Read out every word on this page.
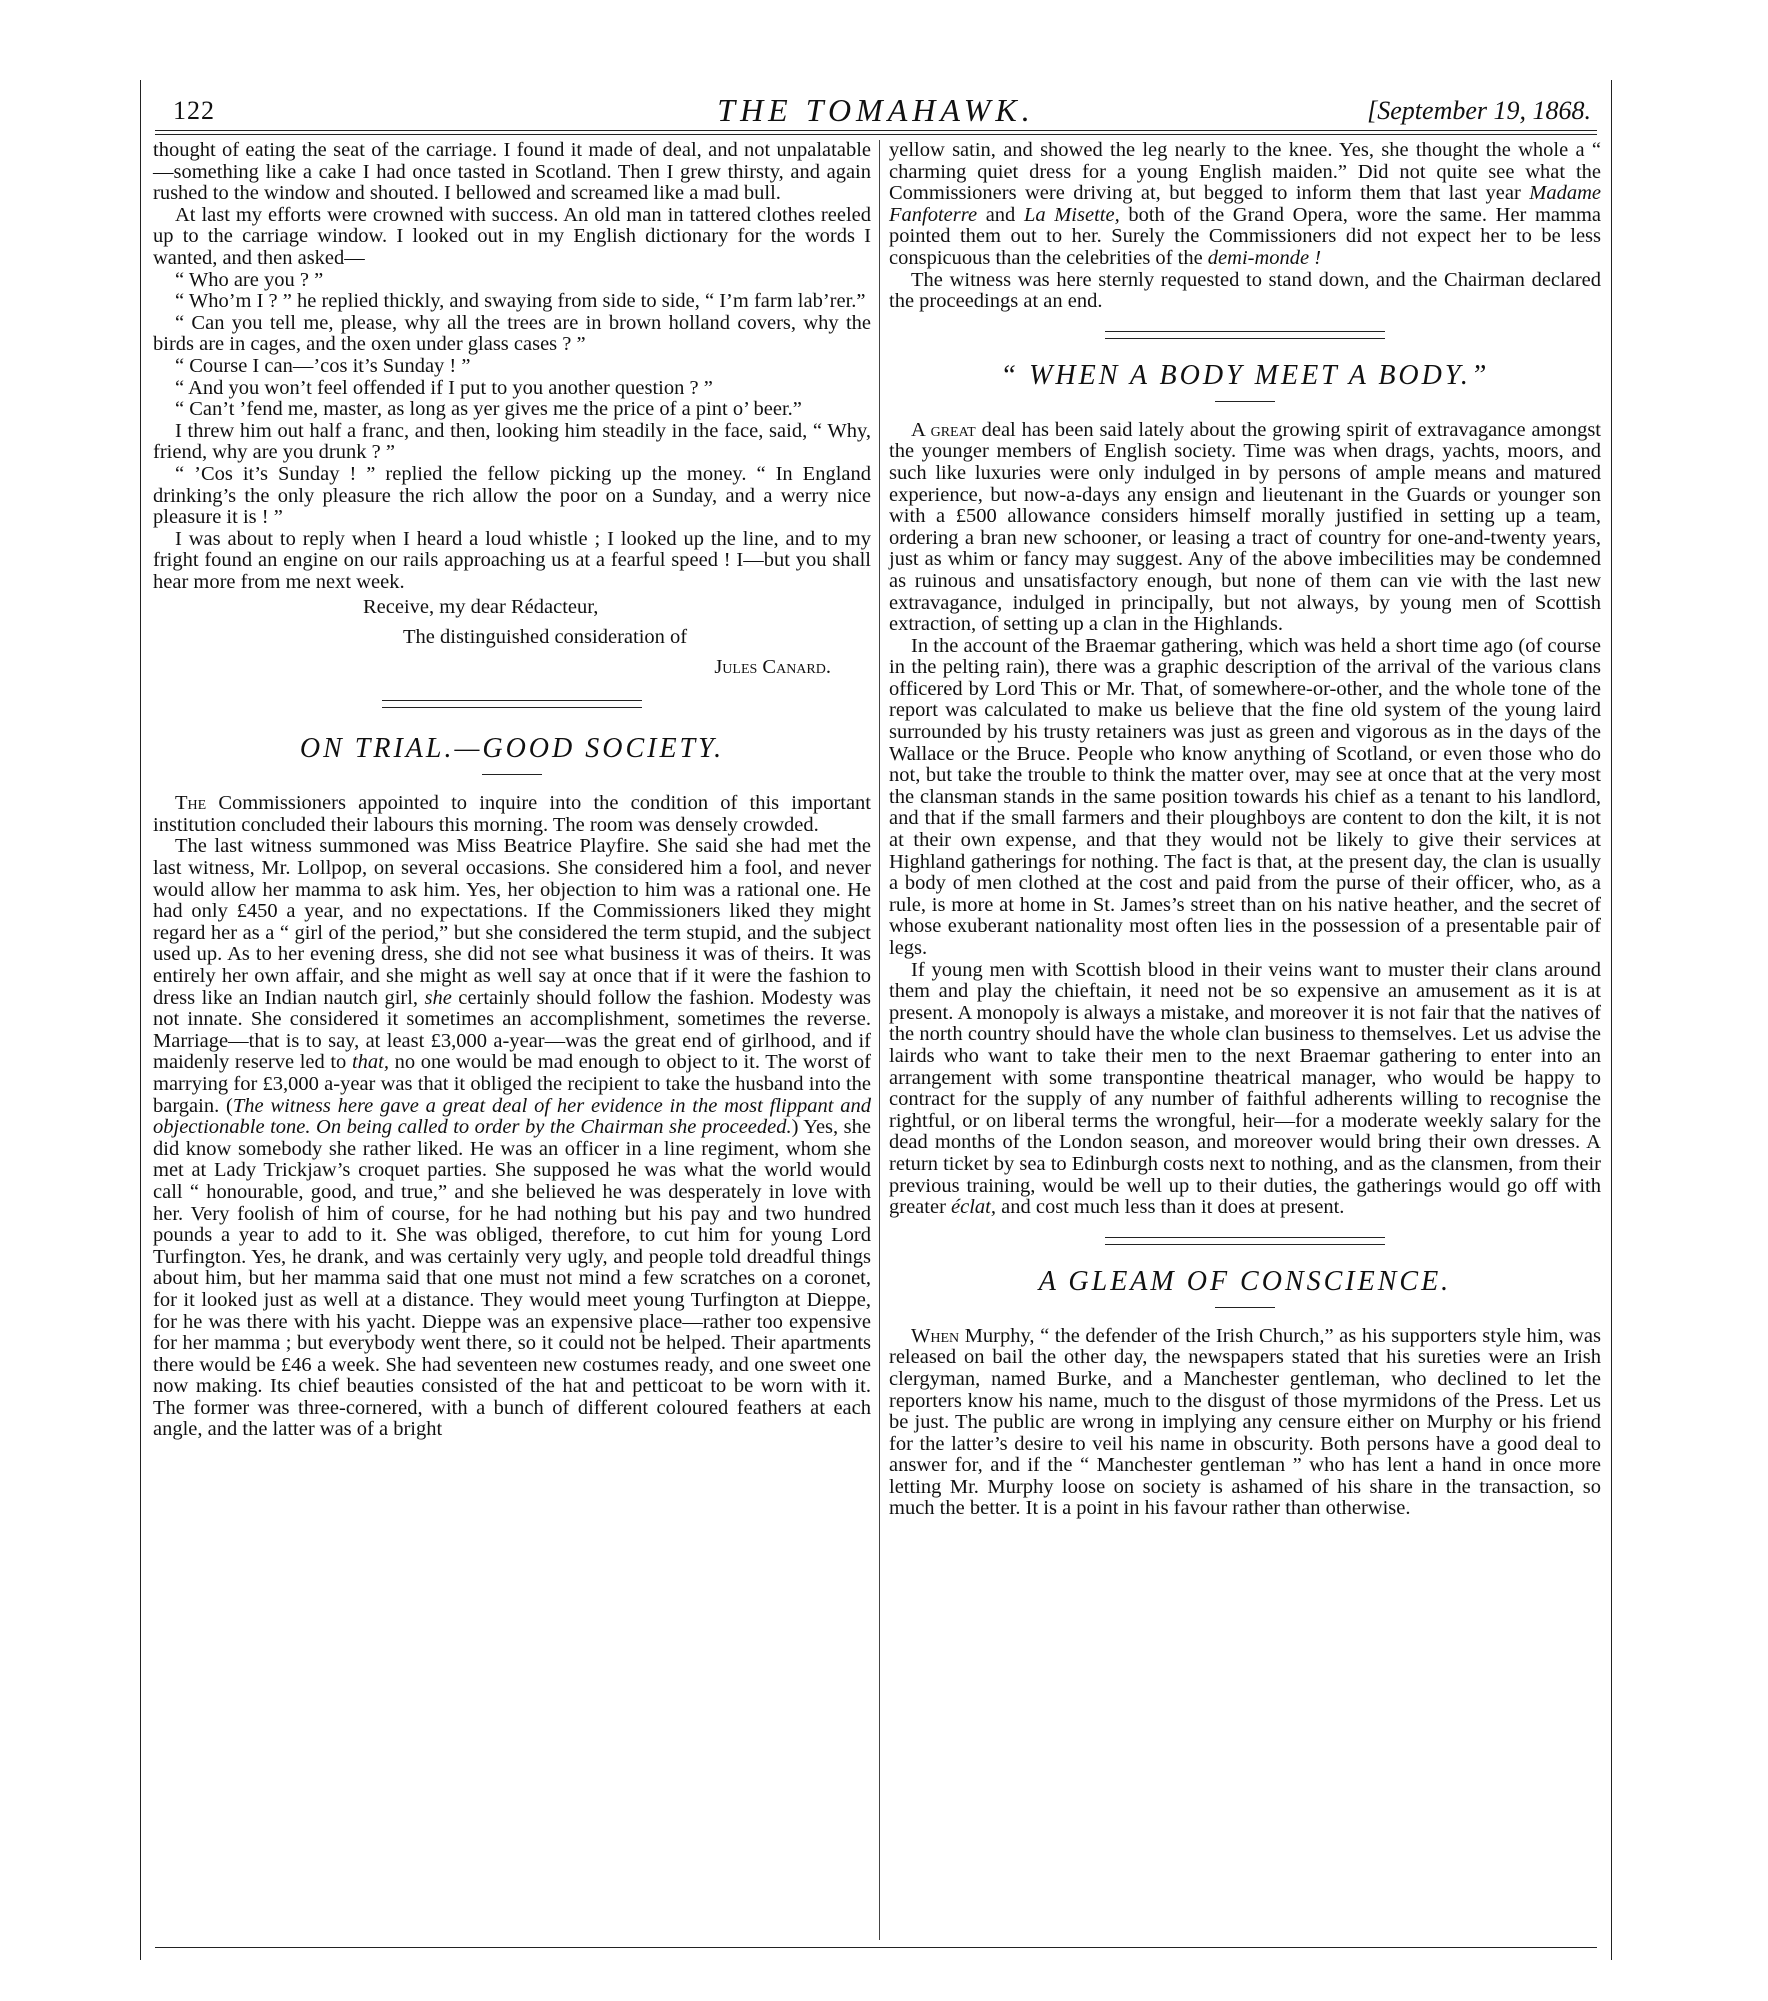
122	THE TOMAHAWK.	[September 19, 1868.

thought of eating the seat of the carriage. I found it made of deal, and not unpalatable—something like a cake I had once tasted in Scotland. Then I grew thirsty, and again rushed to the window and shouted. I bellowed and screamed like a mad bull.

At last my efforts were crowned with success. An old man in tattered clothes reeled up to the carriage window. I looked out in my English dictionary for the words I wanted, and then asked—

“ Who are you ? ”

“ Who’m I ? ” he replied thickly, and swaying from side to side, “ I’m farm lab’rer.”

“ Can you tell me, please, why all the trees are in brown holland covers, why the birds are in cages, and the oxen under glass cases ? ”

“ Course I can—’cos it’s Sunday ! ”

“ And you won’t feel offended if I put to you another question ? ”

“ Can’t ’fend me, master, as long as yer gives me the price of a pint o’ beer.”

I threw him out half a franc, and then, looking him steadily in the face, said, “ Why, friend, why are you drunk ? ”

“ ’Cos it’s Sunday ! ” replied the fellow picking up the money. “ In England drinking’s the only pleasure the rich allow the poor on a Sunday, and a werry nice pleasure it is ! ”

I was about to reply when I heard a loud whistle ; I looked up the line, and to my fright found an engine on our rails approaching us at a fearful speed ! I—but you shall hear more from me next week.

Receive, my dear Rédacteur,

The distinguished consideration of

Jules Canard.

ON TRIAL.—GOOD SOCIETY.

The Commissioners appointed to inquire into the condition of this important institution concluded their labours this morning. The room was densely crowded.

The last witness summoned was Miss Beatrice Playfire. She said she had met the last witness, Mr. Lollpop, on several occasions. She considered him a fool, and never would allow her mamma to ask him. Yes, her objection to him was a rational one. He had only £450 a year, and no expectations. If the Commissioners liked they might regard her as a “ girl of the period,” but she considered the term stupid, and the subject used up. As to her evening dress, she did not see what business it was of theirs. It was entirely her own affair, and she might as well say at once that if it were the fashion to dress like an Indian nautch girl, she certainly should follow the fashion. Modesty was not innate. She considered it sometimes an accomplishment, sometimes the reverse. Marriage—that is to say, at least £3,000 a-year—was the great end of girlhood, and if maidenly reserve led to that, no one would be mad enough to object to it. The worst of marrying for £3,000 a-year was that it obliged the recipient to take the husband into the bargain. (The witness here gave a great deal of her evidence in the most flippant and objectionable tone. On being called to order by the Chairman she proceeded.) Yes, she did know somebody she rather liked. He was an officer in a line regiment, whom she met at Lady Trickjaw’s croquet parties. She supposed he was what the world would call “ honourable, good, and true,” and she believed he was desperately in love with her. Very foolish of him of course, for he had nothing but his pay and two hundred pounds a year to add to it. She was obliged, therefore, to cut him for young Lord Turfington. Yes, he drank, and was certainly very ugly, and people told dreadful things about him, but her mamma said that one must not mind a few scratches on a coronet, for it looked just as well at a distance. They would meet young Turfington at Dieppe, for he was there with his yacht. Dieppe was an expensive place—rather too expensive for her mamma ; but everybody went there, so it could not be helped. Their apartments there would be £46 a week. She had seventeen new costumes ready, and one sweet one now making. Its chief beauties consisted of the hat and petticoat to be worn with it. The former was three-cornered, with a bunch of different coloured feathers at each angle, and the latter was of a bright

yellow satin, and showed the leg nearly to the knee. Yes, she thought the whole a “ charming quiet dress for a young English maiden.” Did not quite see what the Commissioners were driving at, but begged to inform them that last year Madame Fanfoterre and La Misette, both of the Grand Opera, wore the same. Her mamma pointed them out to her. Surely the Commissioners did not expect her to be less conspicuous than the celebrities of the demi-monde !

The witness was here sternly requested to stand down, and the Chairman declared the proceedings at an end.

“ WHEN A BODY MEET A BODY.”

A great deal has been said lately about the growing spirit of extravagance amongst the younger members of English society. Time was when drags, yachts, moors, and such like luxuries were only indulged in by persons of ample means and matured experience, but now-a-days any ensign and lieutenant in the Guards or younger son with a £500 allowance considers himself morally justified in setting up a team, ordering a bran new schooner, or leasing a tract of country for one-and-twenty years, just as whim or fancy may suggest. Any of the above imbecilities may be condemned as ruinous and unsatisfactory enough, but none of them can vie with the last new extravagance, indulged in principally, but not always, by young men of Scottish extraction, of setting up a clan in the Highlands.

In the account of the Braemar gathering, which was held a short time ago (of course in the pelting rain), there was a graphic description of the arrival of the various clans officered by Lord This or Mr. That, of somewhere-or-other, and the whole tone of the report was calculated to make us believe that the fine old system of the young laird surrounded by his trusty retainers was just as green and vigorous as in the days of the Wallace or the Bruce. People who know anything of Scotland, or even those who do not, but take the trouble to think the matter over, may see at once that at the very most the clansman stands in the same position towards his chief as a tenant to his landlord, and that if the small farmers and their ploughboys are content to don the kilt, it is not at their own expense, and that they would not be likely to give their services at Highland gatherings for nothing. The fact is that, at the present day, the clan is usually a body of men clothed at the cost and paid from the purse of their officer, who, as a rule, is more at home in St. James’s street than on his native heather, and the secret of whose exuberant nationality most often lies in the possession of a presentable pair of legs.

If young men with Scottish blood in their veins want to muster their clans around them and play the chieftain, it need not be so expensive an amusement as it is at present. A monopoly is always a mistake, and moreover it is not fair that the natives of the north country should have the whole clan business to themselves. Let us advise the lairds who want to take their men to the next Braemar gathering to enter into an arrangement with some transpontine theatrical manager, who would be happy to contract for the supply of any number of faithful adherents willing to recognise the rightful, or on liberal terms the wrongful, heir—for a moderate weekly salary for the dead months of the London season, and moreover would bring their own dresses. A return ticket by sea to Edinburgh costs next to nothing, and as the clansmen, from their previous training, would be well up to their duties, the gatherings would go off with greater éclat, and cost much less than it does at present.

A GLEAM OF CONSCIENCE.

When Murphy, “ the defender of the Irish Church,” as his supporters style him, was released on bail the other day, the newspapers stated that his sureties were an Irish clergyman, named Burke, and a Manchester gentleman, who declined to let the reporters know his name, much to the disgust of those myrmidons of the Press. Let us be just. The public are wrong in implying any censure either on Murphy or his friend for the latter’s desire to veil his name in obscurity. Both persons have a good deal to answer for, and if the “ Manchester gentleman ” who has lent a hand in once more letting Mr. Murphy loose on society is ashamed of his share in the transaction, so much the better. It is a point in his favour rather than otherwise.
